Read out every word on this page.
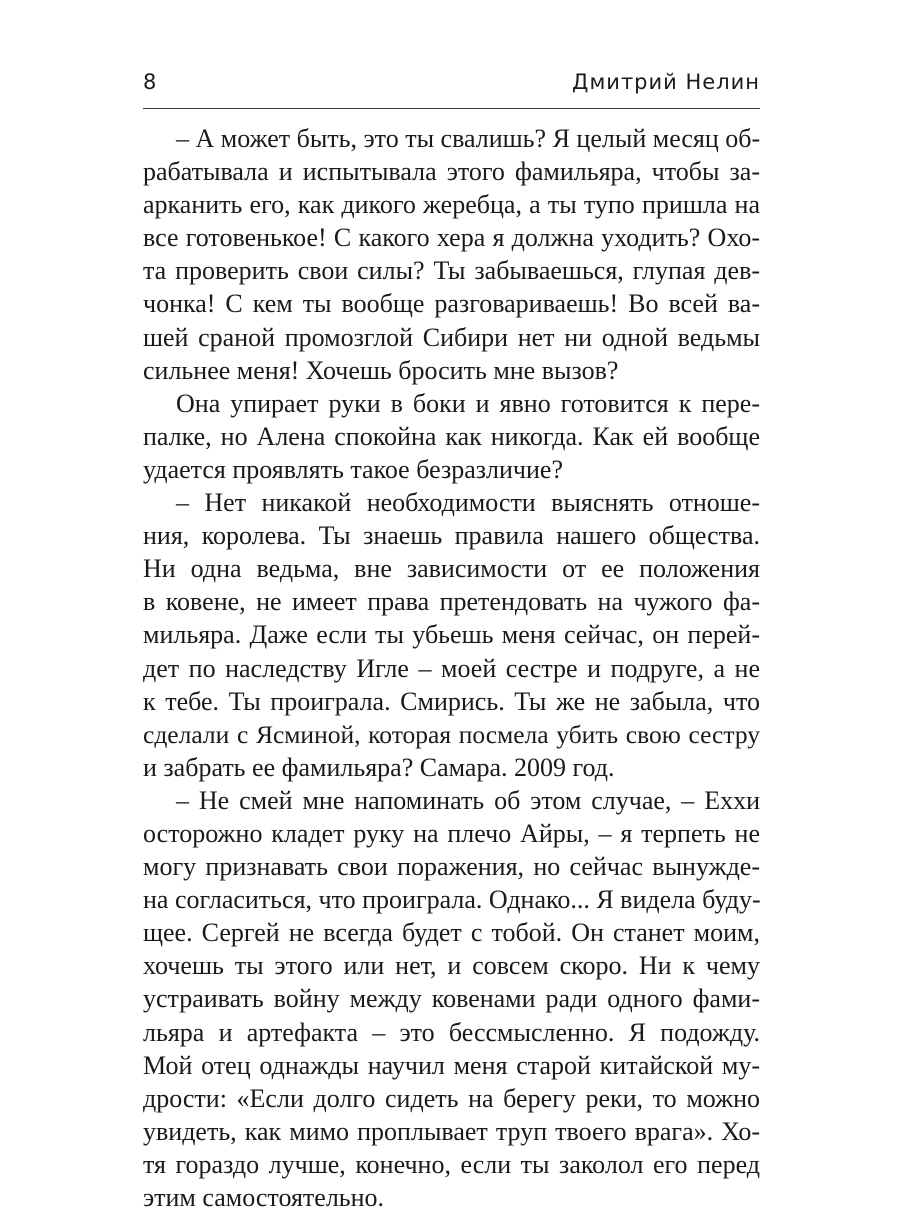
8	Дмитрий Нелин
– А может быть, это ты свалишь? Я целый месяц об-
рабатывала и испытывала этого фамильяра, чтобы за-
арканить его, как дикого жеребца, а ты тупо пришла на
все готовенькое! С какого хера я должна уходить? Охо-
та проверить свои силы? Ты забываешься, глупая дев-
чонка! С кем ты вообще разговариваешь! Во всей ва-
шей сраной промозглой Сибири нет ни одной ведьмы
сильнее меня! Хочешь бросить мне вызов?
Она упирает руки в боки и явно готовится к пере-
палке, но Алена спокойна как никогда. Как ей вообще
удается проявлять такое безразличие?
– Нет никакой необходимости выяснять отноше-
ния, королева. Ты знаешь правила нашего общества.
Ни одна ведьма, вне зависимости от ее положения
в ковене, не имеет права претендовать на чужого фа-
мильяра. Даже если ты убьешь меня сейчас, он перей-
дет по наследству Игле – моей сестре и подруге, а не
к тебе. Ты проиграла. Смирись. Ты же не забыла, что
сделали с Ясминой, которая посмела убить свою сестру
и забрать ее фамильяра? Самара. 2009 год.
– Не смей мне напоминать об этом случае, – Еххи
осторожно кладет руку на плечо Айры, – я терпеть не
могу признавать свои поражения, но сейчас вынужде-
на согласиться, что проиграла. Однако... Я видела буду-
щее. Сергей не всегда будет с тобой. Он станет моим,
хочешь ты этого или нет, и совсем скоро. Ни к чему
устраивать войну между ковенами ради одного фами-
льяра и артефакта – это бессмысленно. Я подожду.
Мой отец однажды научил меня старой китайской му-
дрости: «Если долго сидеть на берегу реки, то можно
увидеть, как мимо проплывает труп твоего врага». Хо-
тя гораздо лучше, конечно, если ты заколол его перед
этим самостоятельно.
